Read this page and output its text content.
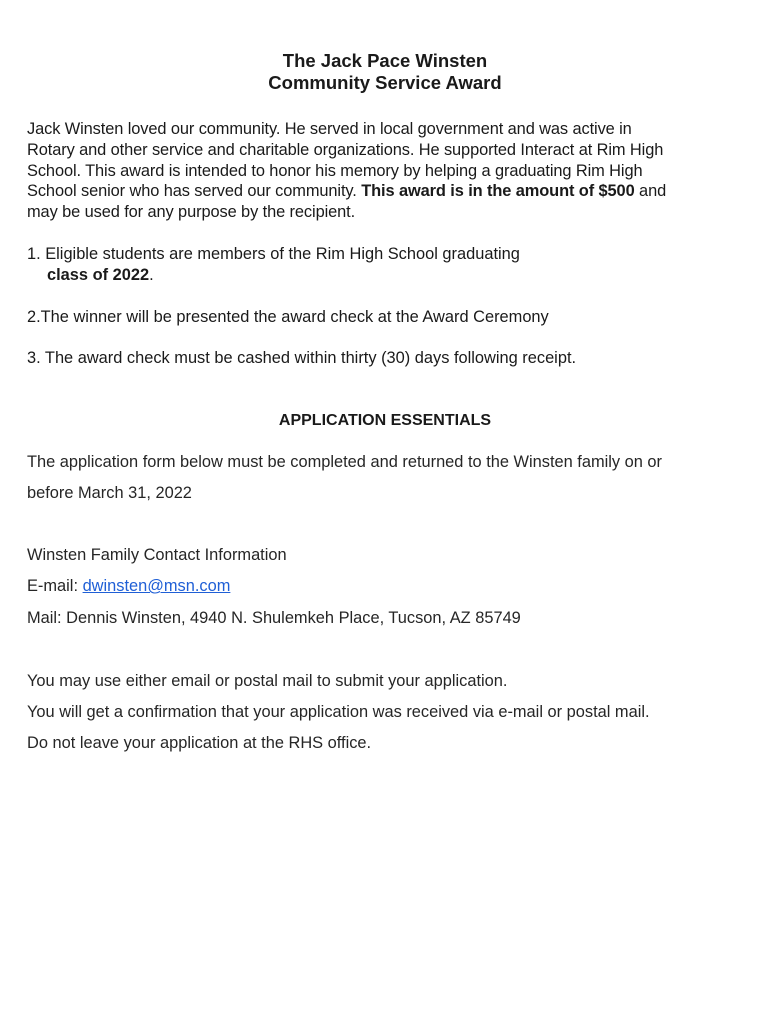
The Jack Pace Winsten
Community Service Award
Jack Winsten loved our community. He served in local government and was active in
Rotary and other service and charitable organizations. He supported Interact at Rim High
School. This award is intended to honor his memory by helping a graduating Rim High
School senior who has served our community. This award is in the amount of $500 and
may be used for any purpose by the recipient.
1. Eligible students are members of the Rim High School graduating
class of 2022.
2.The winner will be presented the award check at the Award Ceremony
3. The award check must be cashed within thirty (30) days following receipt.
APPLICATION ESSENTIALS
The application form below must be completed and returned to the Winsten family on or
before March 31, 2022
Winsten Family Contact Information
E-mail: dwinsten@msn.com
Mail: Dennis Winsten, 4940 N. Shulemkeh Place, Tucson, AZ 85749
You may use either email or postal mail to submit your application.
You will get a confirmation that your application was received via e-mail or postal mail.
Do not leave your application at the RHS office.
